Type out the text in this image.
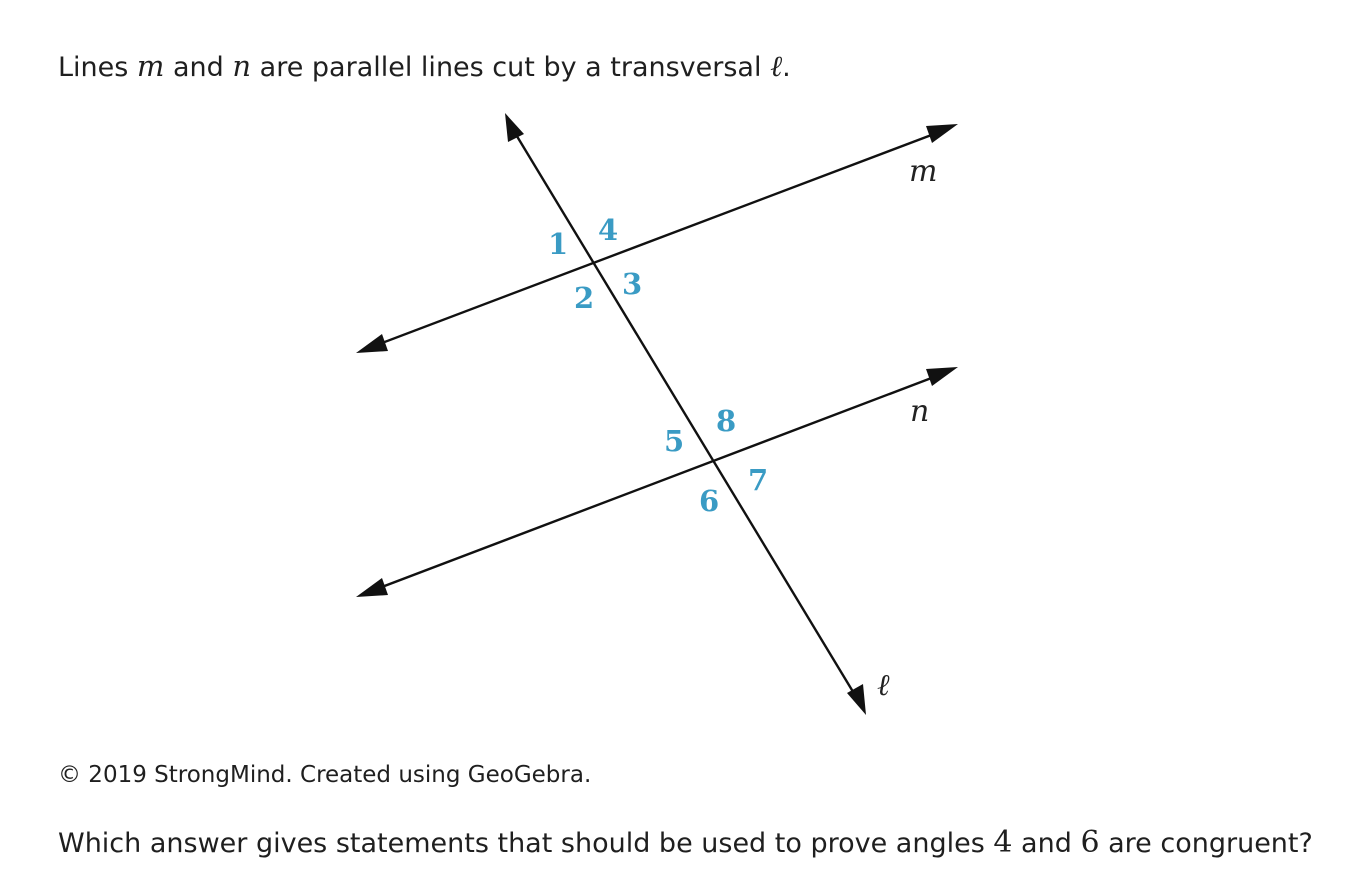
Lines m and n are parallel lines cut by a transversal ℓ.
m
n
ℓ
1 4
2 3
5
8
6
7
© 2019 StrongMind. Created using GeoGebra.
Which answer gives statements that should be used to prove angles 4 and 6 are congruent?
